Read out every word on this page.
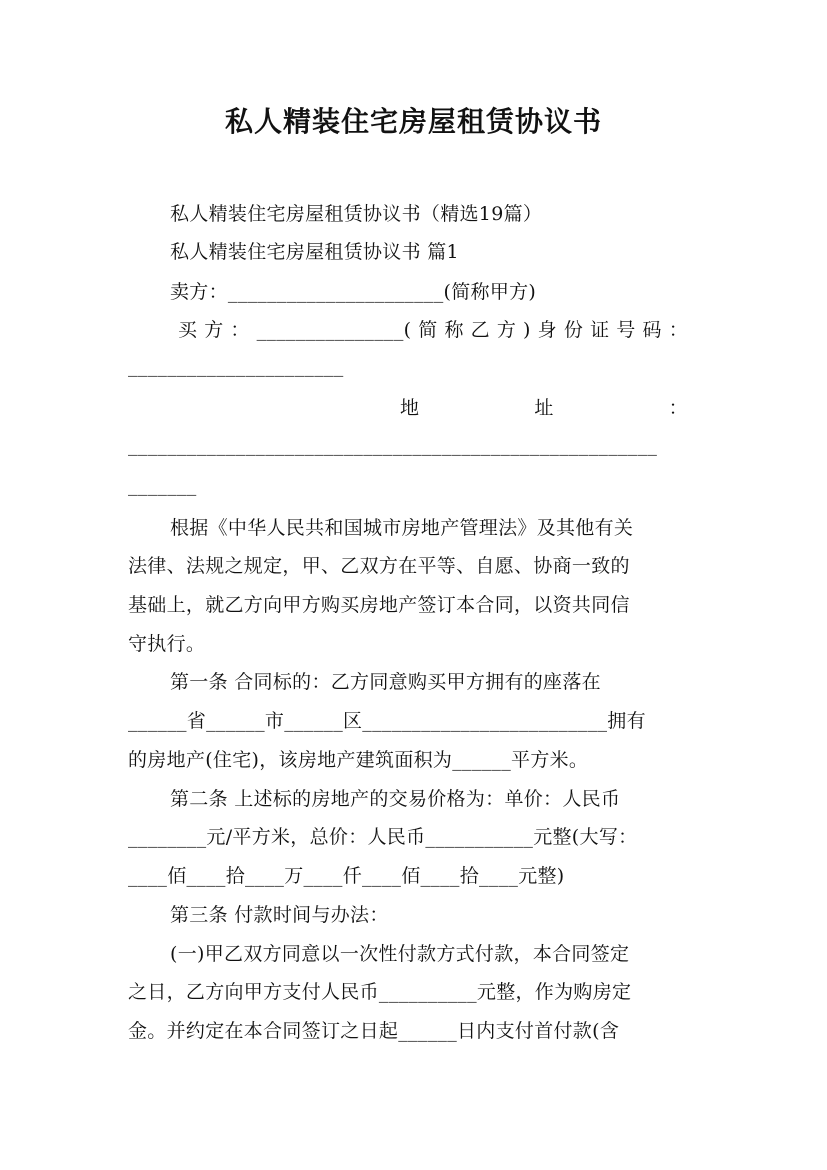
私人精装住宅房屋租赁协议书
私人精装住宅房屋租赁协议书（精选19篇）
私人精装住宅房屋租赁协议书 篇1
卖方：______________________(简称甲方)
买方：_______________(简称乙方)身份证号码：
______________________
地 址 ：
______________________________________________________
_______
根据《中华人民共和国城市房地产管理法》及其他有关
法律、法规之规定，甲、乙双方在平等、自愿、协商一致的
基础上，就乙方向甲方购买房地产签订本合同，以资共同信
守执行。
第一条 合同标的：乙方同意购买甲方拥有的座落在
______省______市______区_________________________拥有
的房地产(住宅)，该房地产建筑面积为______平方米。
第二条 上述标的房地产的交易价格为：单价：人民币
________元/平方米，总价：人民币___________元整(大写：
____佰____拾____万____仟____佰____拾____元整)
第三条 付款时间与办法：
(一)甲乙双方同意以一次性付款方式付款，本合同签定
之日，乙方向甲方支付人民币__________元整，作为购房定
金。并约定在本合同签订之日起______日内支付首付款(含
